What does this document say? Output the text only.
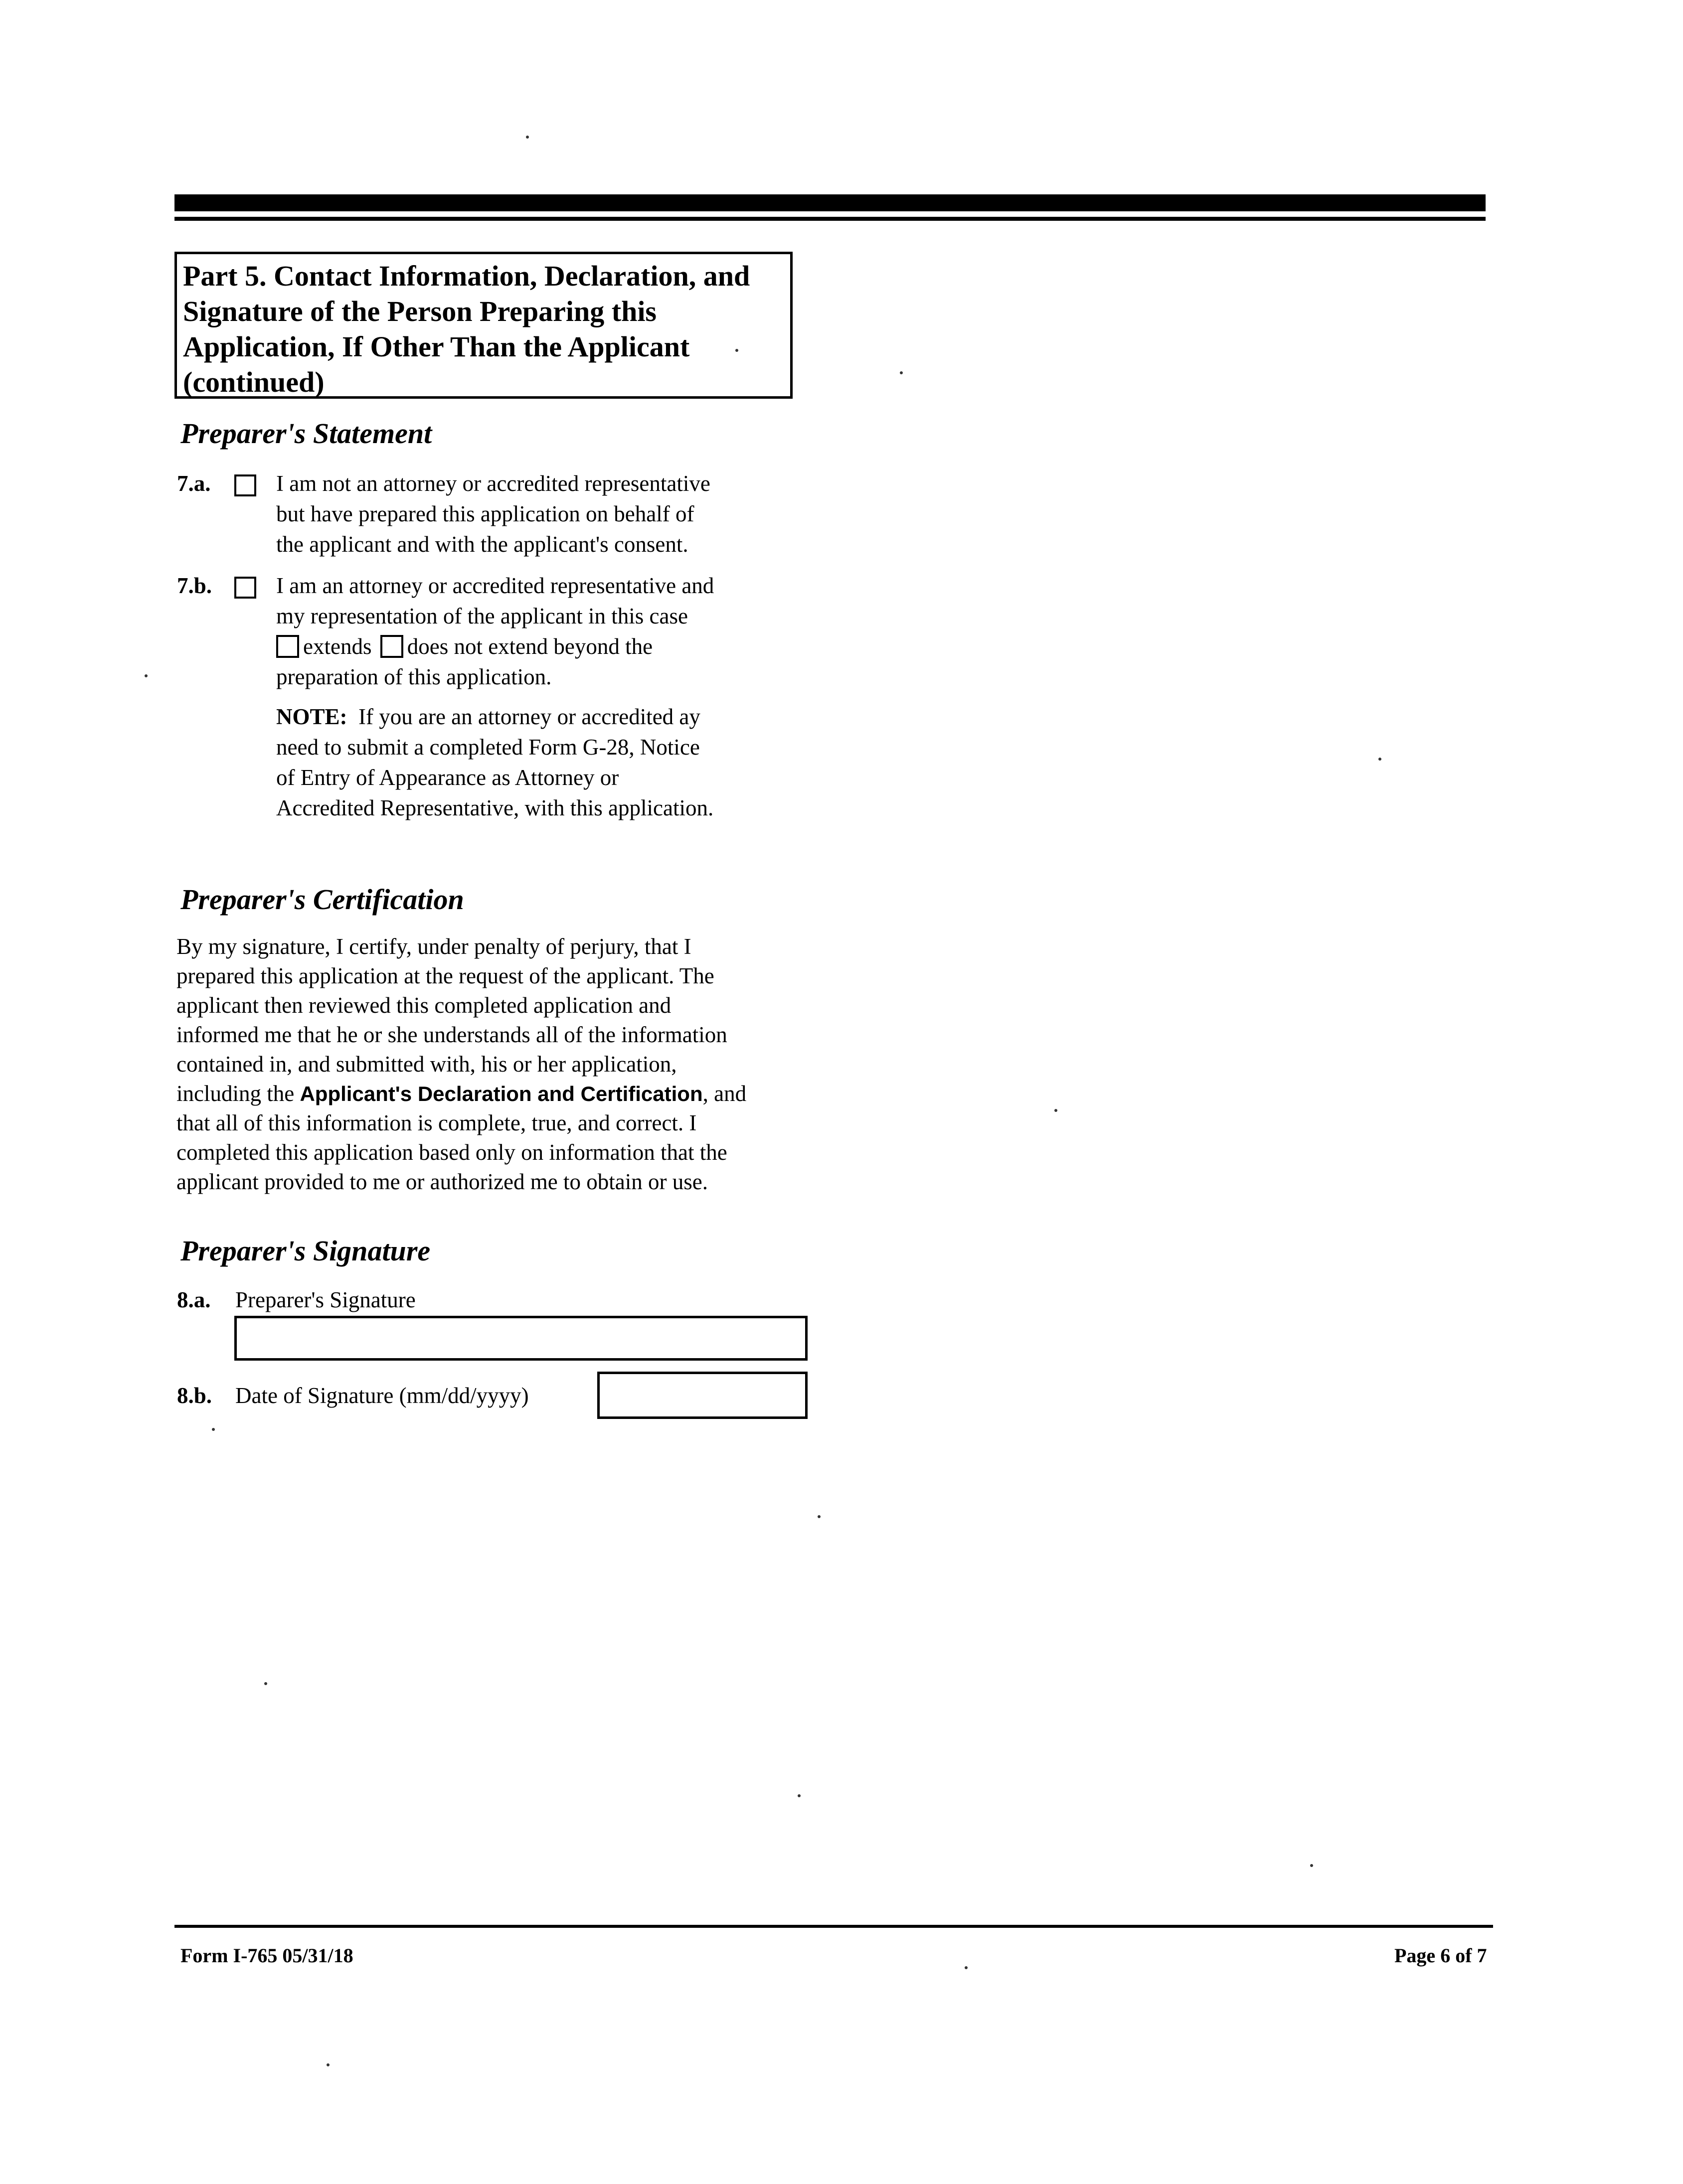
Part 5. Contact Information, Declaration, and
Signature of the Person Preparing this
Application, If Other Than the Applicant
(continued)
Preparer's Statement
7.a.	I am not an attorney or accredited representative
but have prepared this application on behalf of
the applicant and with the applicant's consent.
7.b.	I am an attorney or accredited representative and
my representation of the applicant in this case
extends does not extend beyond the
preparation of this application.
NOTE: If you are an attorney or accredited ay
need to submit a completed Form G-28, Notice
of Entry of Appearance as Attorney or
Accredited Representative, with this application.
Preparer's Certification
By my signature, I certify, under penalty of perjury, that I
prepared this application at the request of the applicant. The
applicant then reviewed this completed application and
informed me that he or she understands all of the information
contained in, and submitted with, his or her application,
including the Applicant's Declaration and Certification, and
that all of this information is complete, true, and correct. I
completed this application based only on information that the
applicant provided to me or authorized me to obtain or use.
Preparer's Signature
8.a. Preparer's Signature
8.b. Date of Signature (mm/dd/yyyy)
Form I-765 05/31/18	Page 6 of 7
